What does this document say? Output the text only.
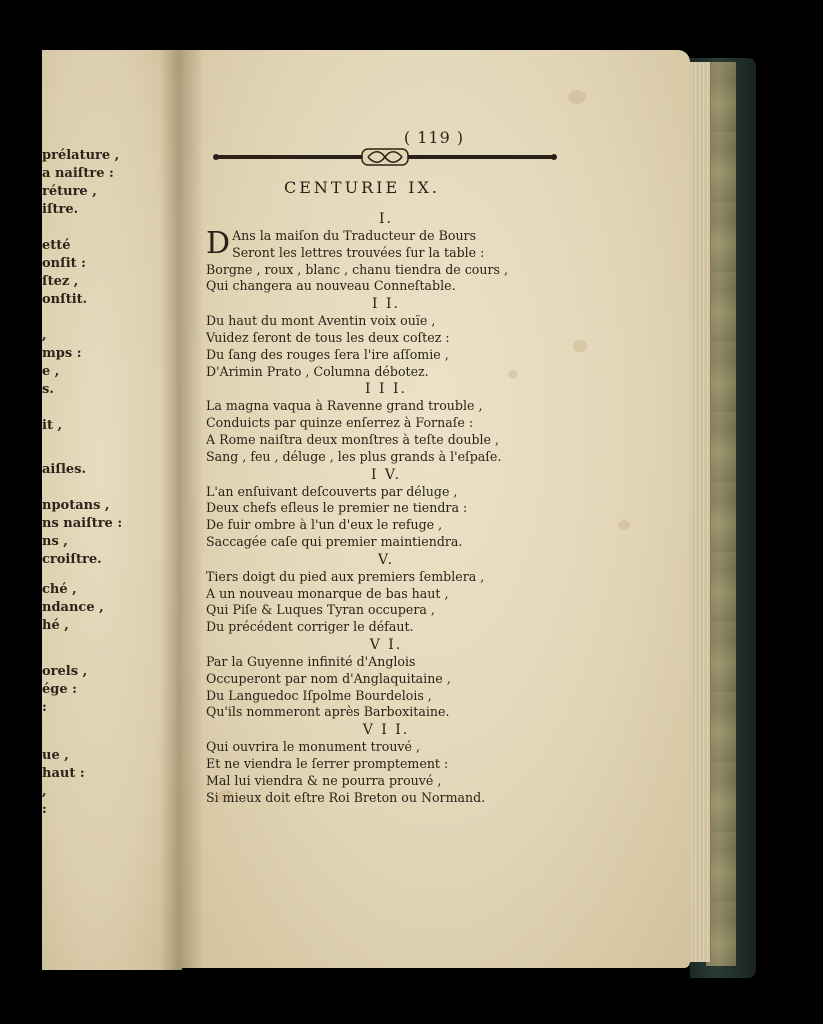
prélature ,
a naiſtre :
réture ,
iſtre.
etté
onſit :
ſtez ,
onſtit.
,
mps :
e ,
s.
it ,
aiſles.
npotans ,
ns naiſtre :
ns ,
croiſtre.
ché ,
ndance ,
hé ,
orels ,
ége :
:
ue ,
haut :
,
:
( 119 )
CENTURIE IX.
I.
D Ans la maiſon du Traducteur de Bours
Seront les lettres trouvées ſur la table :
Borgne , roux , blanc , chanu tiendra de cours ,
Qui changera au nouveau Conneſtable.
I I.
Du haut du mont Aventin voix ouïe ,
Vuidez ſeront de tous les deux coſtez :
Du ſang des rouges ſera l'ire aſſomie ,
D'Arimin Prato , Columna débotez.
I I I.
La magna vaqua à Ravenne grand trouble ,
Conduicts par quinze enſerrez à Fornaſe :
A Rome naiſtra deux monſtres à teſte double ,
Sang , feu , déluge , les plus grands à l'eſpaſe.
I V.
L'an enſuivant deſcouverts par déluge ,
Deux chefs eſleus le premier ne tiendra :
De fuir ombre à l'un d'eux le refuge ,
Saccagée caſe qui premier maintiendra.
V.
Tiers doigt du pied aux premiers ſemblera ,
A un nouveau monarque de bas haut ,
Qui Piſe & Luques Tyran occupera ,
Du précédent corriger le défaut.
V I.
Par la Guyenne infinité d'Anglois
Occuperont par nom d'Anglaquitaine ,
Du Languedoc Iſpolme Bourdelois ,
Qu'ils nommeront après Barboxitaine.
V I I.
Qui ouvrira le monument trouvé ,
Et ne viendra le ſerrer promptement :
Mal lui viendra & ne pourra prouvé ,
Si mieux doit eſtre Roi Breton ou Normand.
